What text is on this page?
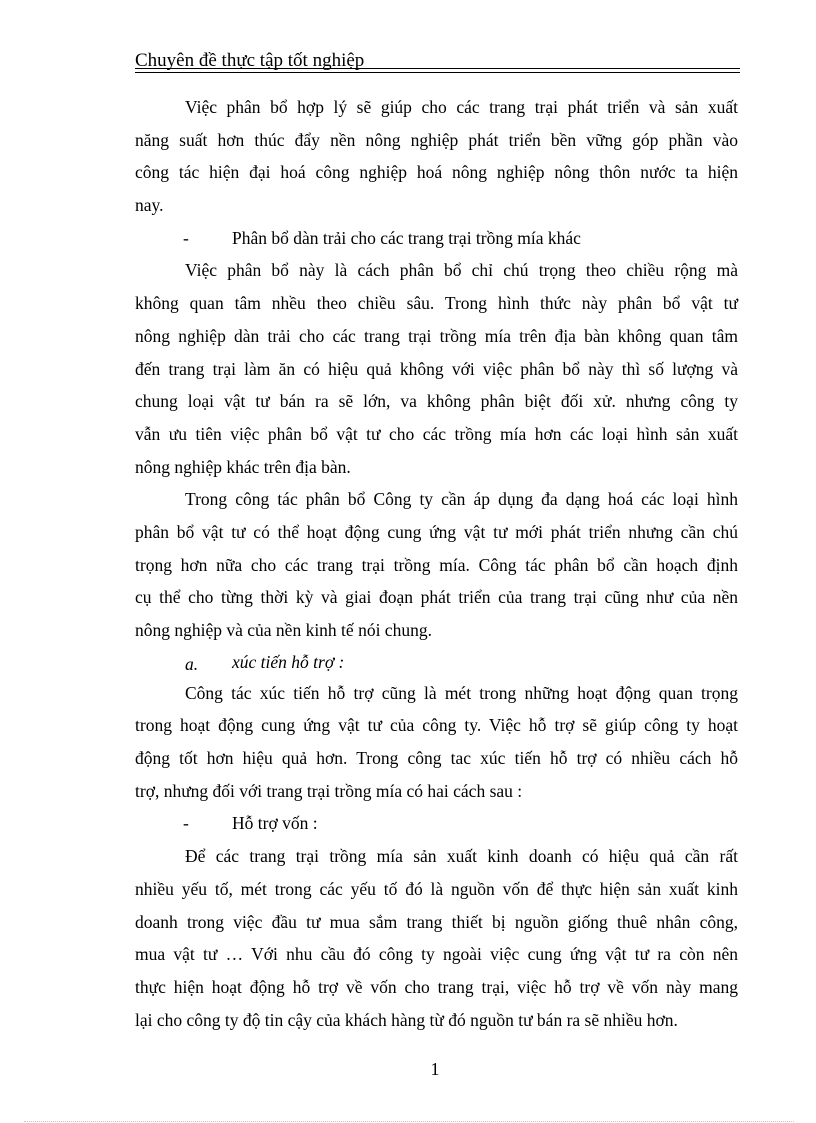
Chuyên đề thực tập tốt nghiệp
Việc phân bổ hợp lý sẽ giúp cho các trang trại phát triển và sản xuất
năng suất hơn thúc đẩy nền nông nghiệp phát triển bền vững góp phần vào
công tác hiện đại hoá công nghiệp hoá nông nghiệp nông thôn nước ta hiện
nay.
- Phân bổ dàn trải cho các trang trại trồng mía khác
Việc phân bổ này là cách phân bổ chỉ chú trọng theo chiều rộng mà
không quan tâm nhều theo chiều sâu. Trong hình thức này phân bổ vật tư
nông nghiệp dàn trải cho các trang trại trồng mía trên địa bàn không quan tâm
đến trang trại làm ăn có hiệu quả không với việc phân bổ này thì số lượng và
chung loại vật tư bán ra sẽ lớn, va không phân biệt đối xử. nhưng công ty
vẫn ưu tiên việc phân bổ vật tư cho các trồng mía hơn các loại hình sản xuất
nông nghiệp khác trên địa bàn.
Trong công tác phân bổ Công ty cần áp dụng đa dạng hoá các loại hình
phân bổ vật tư có thể hoạt động cung ứng vật tư mới phát triển nhưng cần chú
trọng hơn nữa cho các trang trại trồng mía. Công tác phân bổ cần hoạch định
cụ thể cho từng thời kỳ và giai đoạn phát triển của trang trại cũng như của nền
nông nghiệp và của nền kinh tế nói chung.
a. xúc tiến hỗ trợ :
Công tác xúc tiến hỗ trợ cũng là mét trong những hoạt động quan trọng
trong hoạt động cung ứng vật tư của công ty. Việc hỗ trợ sẽ giúp công ty hoạt
động tốt hơn hiệu quả hơn. Trong công tac xúc tiến hỗ trợ có nhiều cách hỗ
trợ, nhưng đối với trang trại trồng mía có hai cách sau :
- Hỗ trợ vốn :
Để các trang trại trồng mía sản xuất kinh doanh có hiệu quả cần rất
nhiều yếu tố, mét trong các yếu tố đó là nguồn vốn để thực hiện sản xuất kinh
doanh trong việc đầu tư mua sắm trang thiết bị nguồn giống thuê nhân công,
mua vật tư … Với nhu cầu đó công ty ngoài việc cung ứng vật tư ra còn nên
thực hiện hoạt động hỗ trợ về vốn cho trang trại, việc hỗ trợ về vốn này mang
lại cho công ty độ tin cậy của khách hàng từ đó nguồn tư bán ra sẽ nhiều hơn.
1
